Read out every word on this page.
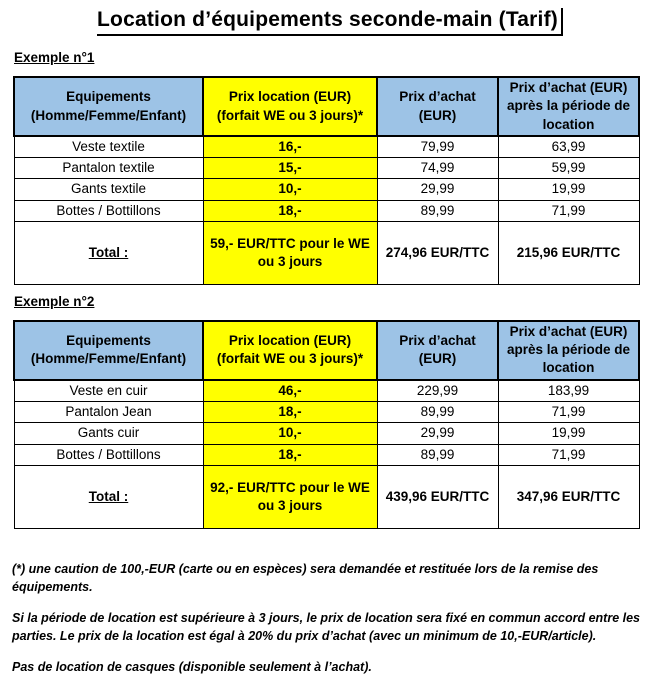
Location d’équipements seconde-main (Tarif)
Exemple n°1
Equipements (Homme/Femme/Enfant)	Prix location (EUR) (forfait WE ou 3 jours)*	Prix d’achat (EUR)	Prix d’achat (EUR) après la période de location
Veste textile	16,-	79,99	63,99
Pantalon textile	15,-	74,99	59,99
Gants textile	10,-	29,99	19,99
Bottes / Bottillons	18,-	89,99	71,99
Total :	59,- EUR/TTC pour le WE ou 3 jours	274,96 EUR/TTC	215,96 EUR/TTC
Exemple n°2
Equipements (Homme/Femme/Enfant)	Prix location (EUR) (forfait WE ou 3 jours)*	Prix d’achat (EUR)	Prix d’achat (EUR) après la période de location
Veste en cuir	46,-	229,99	183,99
Pantalon Jean	18,-	89,99	71,99
Gants cuir	10,-	29,99	19,99
Bottes / Bottillons	18,-	89,99	71,99
Total :	92,- EUR/TTC pour le WE ou 3 jours	439,96 EUR/TTC	347,96 EUR/TTC

(*) une caution de 100,-EUR (carte ou en espèces) sera demandée et restituée lors de la remise des équipements.

Si la période de location est supérieure à 3 jours, le prix de location sera fixé en commun accord entre les parties. Le prix de la location est égal à 20% du prix d’achat (avec un minimum de 10,-EUR/article).

Pas de location de casques (disponible seulement à l’achat).
